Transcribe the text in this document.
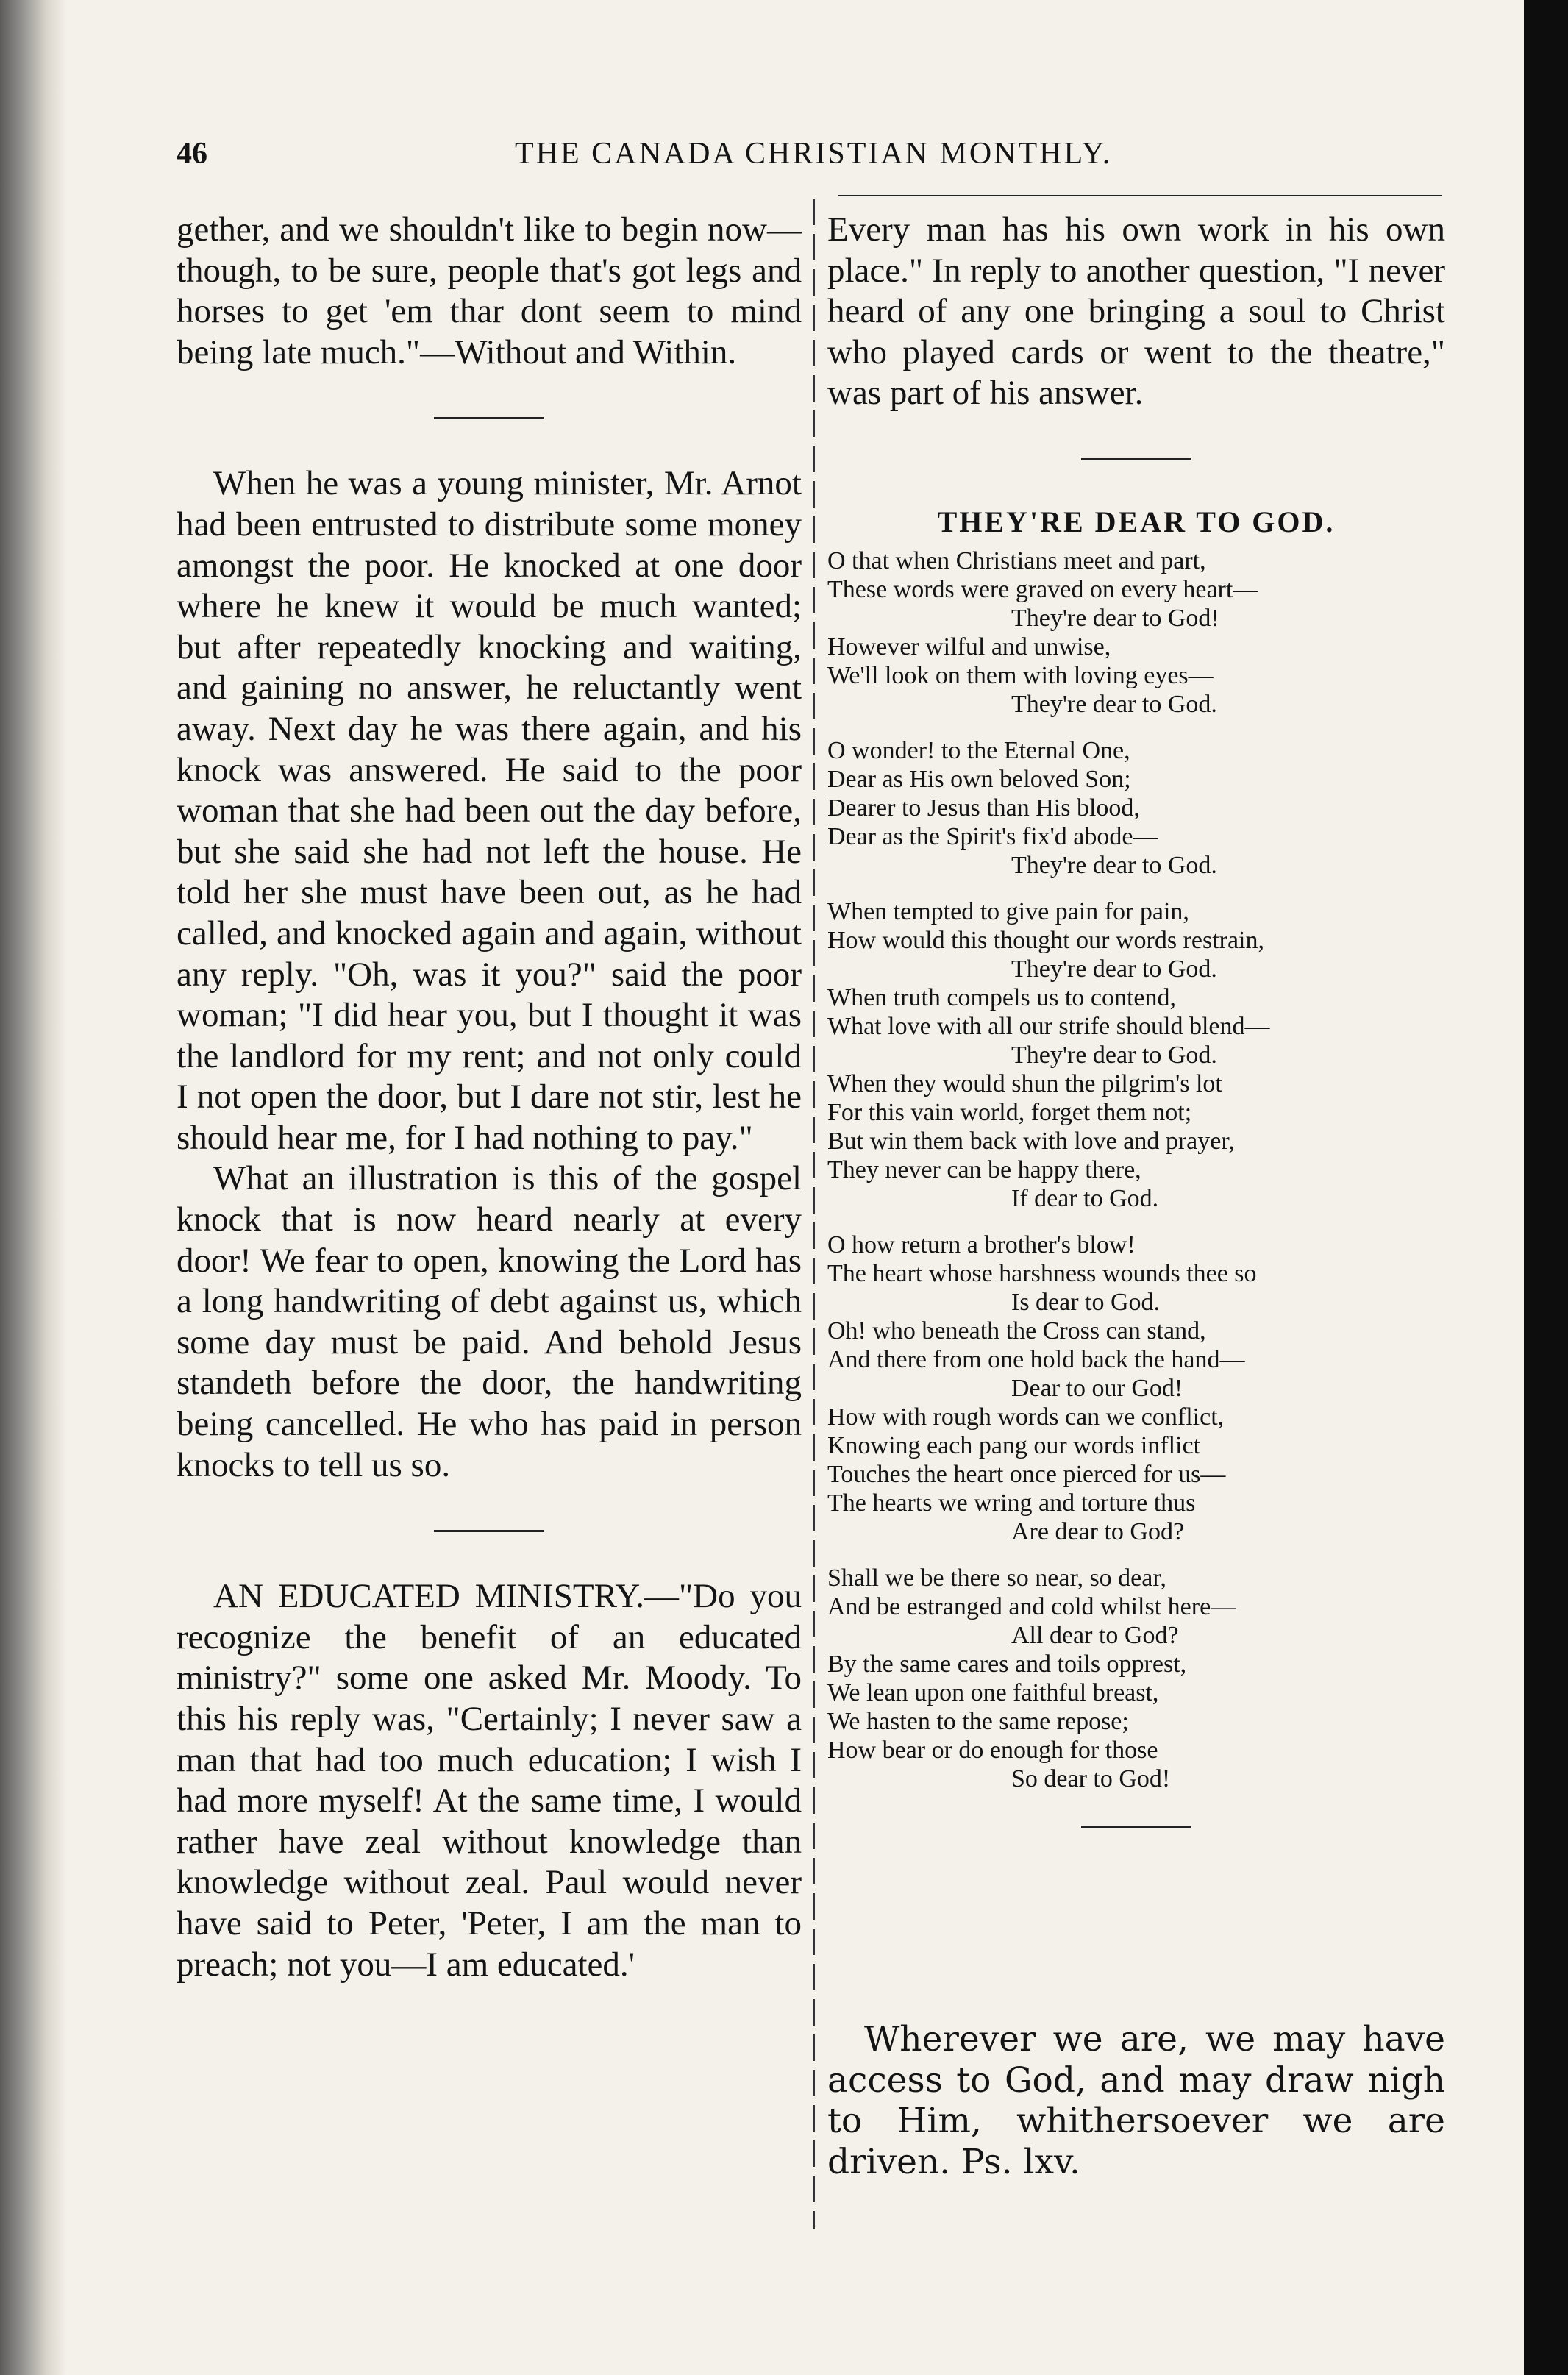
46	THE CANADA CHRISTIAN MONTHLY.

gether, and we shouldn't like to begin now—though, to be sure, people that's got legs and horses to get 'em thar dont seem to mind being late much."—Without and Within.

When he was a young minister, Mr. Arnot had been entrusted to distribute some money amongst the poor. He knocked at one door where he knew it would be much wanted; but after repeatedly knocking and waiting, and gaining no answer, he reluctantly went away. Next day he was there again, and his knock was answered. He said to the poor woman that she had been out the day before, but she said she had not left the house. He told her she must have been out, as he had called, and knocked again and again, without any reply. "Oh, was it you?" said the poor woman; "I did hear you, but I thought it was the landlord for my rent; and not only could I not open the door, but I dare not stir, lest he should hear me, for I had nothing to pay."

What an illustration is this of the gospel knock that is now heard nearly at every door! We fear to open, knowing the Lord has a long handwriting of debt against us, which some day must be paid. And behold Jesus standeth before the door, the handwriting being cancelled. He who has paid in person knocks to tell us so.

AN EDUCATED MINISTRY.—"Do you recognize the benefit of an educated ministry?" some one asked Mr. Moody. To this his reply was, "Certainly; I never saw a man that had too much education; I wish I had more myself! At the same time, I would rather have zeal without knowledge than knowledge without zeal. Paul would never have said to Peter, 'Peter, I am the man to preach; not you—I am educated.'

Every man has his own work in his own place." In reply to another question, "I never heard of any one bringing a soul to Christ who played cards or went to the theatre," was part of his answer.

THEY'RE DEAR TO GOD.

O that when Christians meet and part,

These words were graved on every heart—

They're dear to God!

However wilful and unwise,

We'll look on them with loving eyes—

They're dear to God.

O wonder! to the Eternal One,

Dear as His own beloved Son;

Dearer to Jesus than His blood,

Dear as the Spirit's fix'd abode—

They're dear to God.

When tempted to give pain for pain,

How would this thought our words restrain,

They're dear to God.

When truth compels us to contend,

What love with all our strife should blend—

They're dear to God.

When they would shun the pilgrim's lot

For this vain world, forget them not;

But win them back with love and prayer,

They never can be happy there,

If dear to God.

O how return a brother's blow!

The heart whose harshness wounds thee so

Is dear to God.

Oh! who beneath the Cross can stand,

And there from one hold back the hand—

Dear to our God!

How with rough words can we conflict,

Knowing each pang our words inflict

Touches the heart once pierced for us—

The hearts we wring and torture thus

Are dear to God?

Shall we be there so near, so dear,

And be estranged and cold whilst here—

All dear to God?

By the same cares and toils opprest,

We lean upon one faithful breast,

We hasten to the same repose;

How bear or do enough for those

So dear to God!

Wherever we are, we may have access to God, and may draw nigh to Him, whithersoever we are driven. Ps. lxv.
